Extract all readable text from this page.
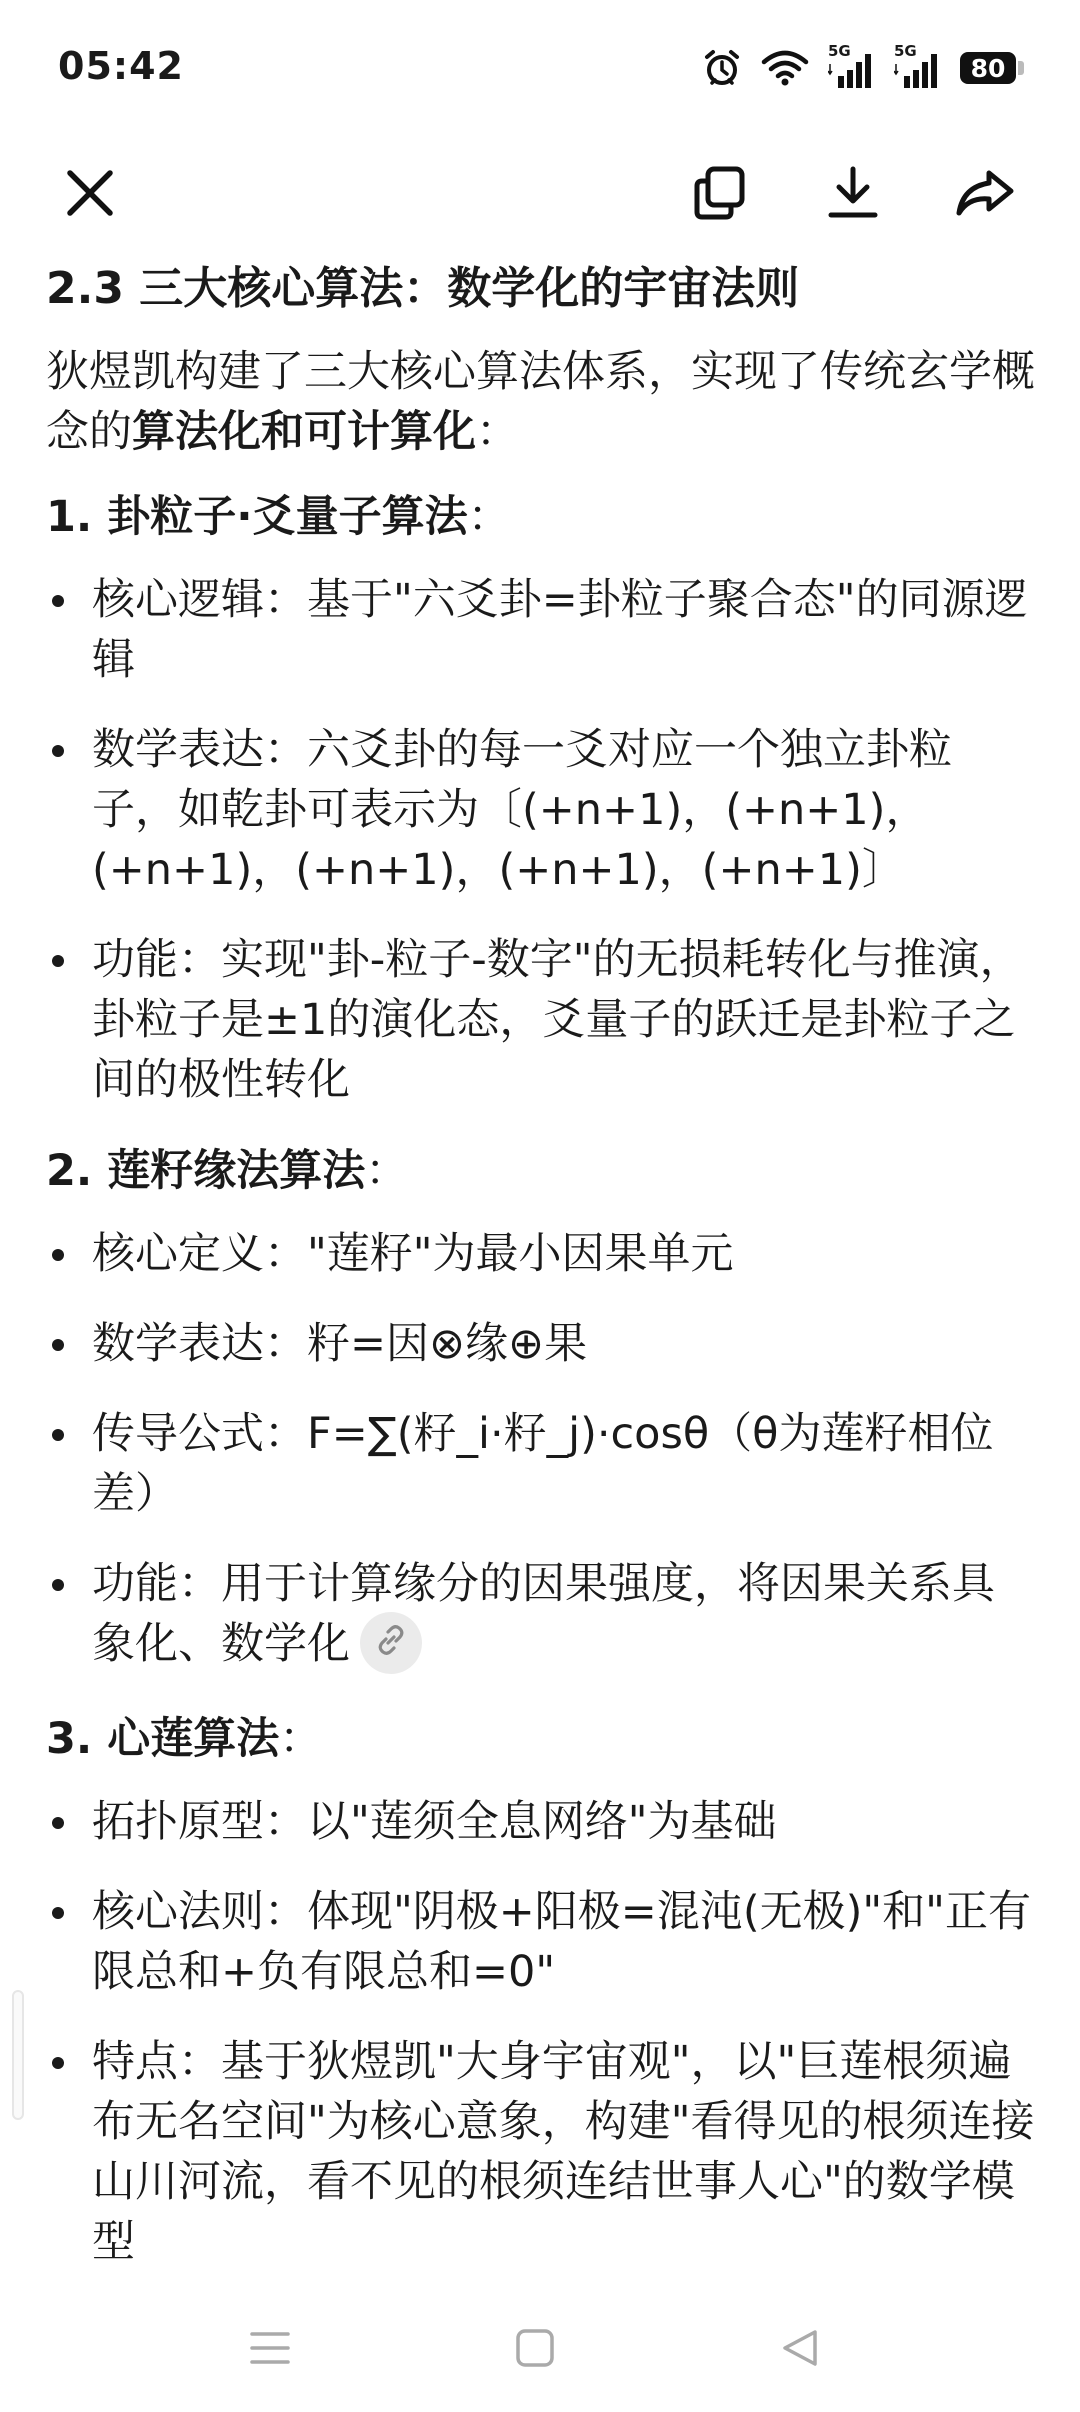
05:42	5G	5G
80
2.3 三大核心算法：数学化的宇宙法则
狄煜凯构建了三大核心算法体系，实现了传统玄学概念的算法化和可计算化：
1. 卦粒子·爻量子算法：
核心逻辑：基于"六爻卦=卦粒子聚合态"的同源逻辑
数学表达：六爻卦的每一爻对应一个独立卦粒子，如乾卦可表示为〔(+n+1)，(+n+1)，(+n+1)，(+n+1)，(+n+1)，(+n+1)〕
功能：实现"卦-粒子-数字"的无损耗转化与推演，卦粒子是±1的演化态，爻量子的跃迁是卦粒子之间的极性转化
2. 莲籽缘法算法：
核心定义："莲籽"为最小因果单元
数学表达：籽=因⊗缘⊕果
传导公式：F=∑(籽_i·籽_j)·cosθ（θ为莲籽相位差）
功能：用于计算缘分的因果强度，将因果关系具象化、数学化
3. 心莲算法：
拓扑原型：以"莲须全息网络"为基础
核心法则：体现"阴极+阳极=混沌(无极)"和"正有限总和+负有限总和=0"
特点：基于狄煜凯"大身宇宙观"，以"巨莲根须遍布无名空间"为核心意象，构建"看得见的根须连接山川河流，看不见的根须连结世事人心"的数学模型
